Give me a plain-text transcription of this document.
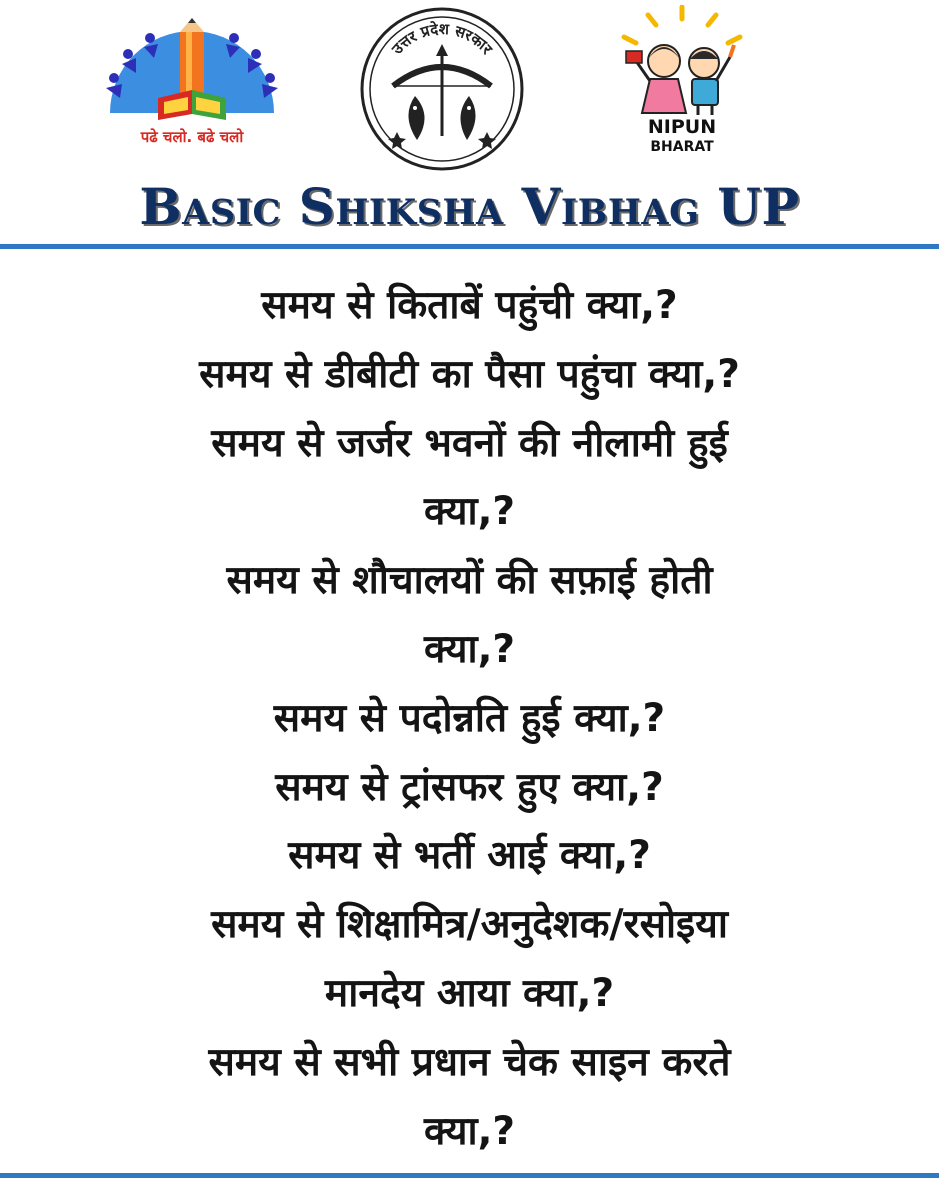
पढे चलो. बढे चलो
उत्तर प्रदेश सरकार
NIPUN
BHARAT
Basic Shiksha Vibhag UP
समय से किताबें पहुंची क्या,?
समय से डीबीटी का पैसा पहुंचा क्या,?
समय से जर्जर भवनों की नीलामी हुई
क्या,?
समय से शौचालयों की सफ़ाई होती
क्या,?
समय से पदोन्नति हुई क्या,?
समय से ट्रांसफर हुए क्या,?
समय से भर्ती आई क्या,?
समय से शिक्षामित्र/अनुदेशक/रसोइया
मानदेय आया क्या,?
समय से सभी प्रधान चेक साइन करते
क्या,?
